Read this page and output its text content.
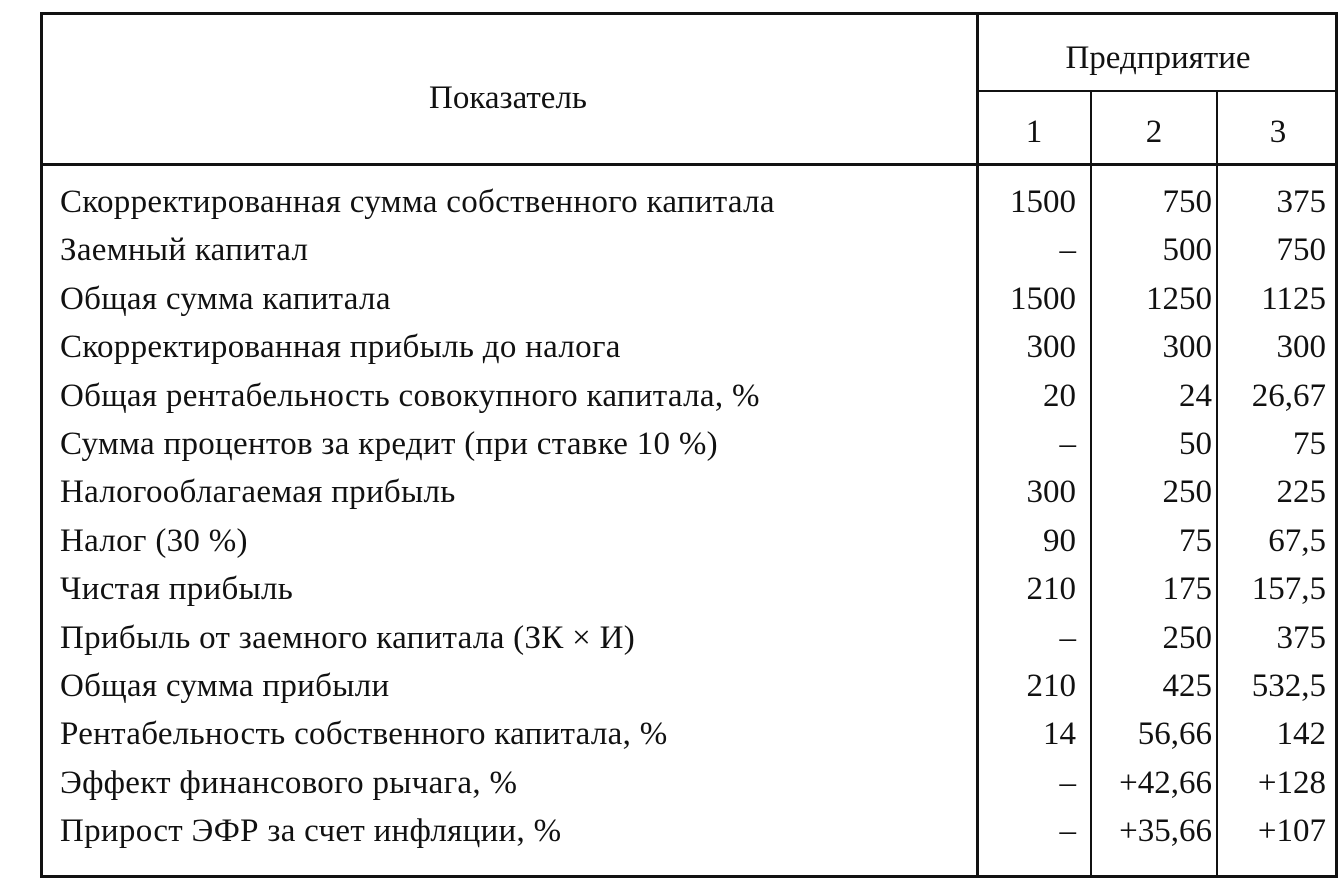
Показатель
Предприятие
1	2	3
Скорректированная сумма собственного капитала	1500	750	375
Заемный капитал	–	500	750
Общая сумма капитала	1500	1250	1125
Скорректированная прибыль до налога	300	300	300
Общая рентабельность совокупного капитала, %	20	24	26,67
Сумма процентов за кредит (при ставке 10 %)	–	50	75
Налогооблагаемая прибыль	300	250	225
Налог (30 %)	90	75	67,5
Чистая прибыль	210	175	157,5
Прибыль от заемного капитала (ЗК × И)	–	250	375
Общая сумма прибыли	210	425	532,5
Рентабельность собственного капитала, %	14	56,66	142
Эффект финансового рычага, %	–	+42,66	+128
Прирост ЭФР за счет инфляции, %	–	+35,66	+107
